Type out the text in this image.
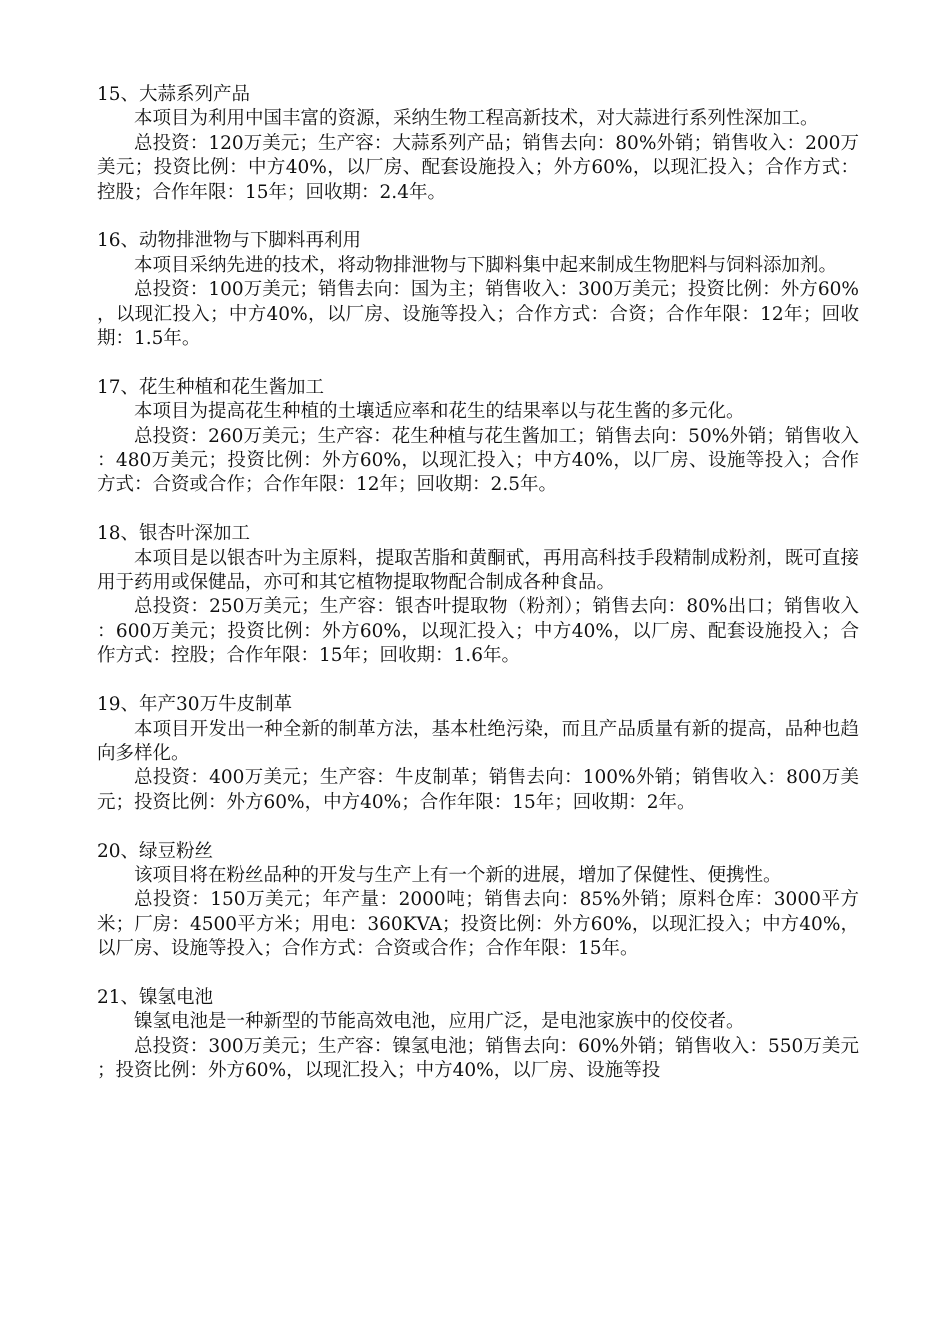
15、大蒜系列产品

本项目为利用中国丰富的资源，采纳生物工程高新技术，对大蒜进行系列性深加工。

总投资：120万美元；生产容：大蒜系列产品；销售去向：80%外销；销售收入：200万美元；投资比例：中方40%，以厂房、配套设施投入；外方60%，以现汇投入；合作方式：控股；合作年限：15年；回收期：2.4年。

16、动物排泄物与下脚料再利用

本项目采纳先进的技术，将动物排泄物与下脚料集中起来制成生物肥料与饲料添加剂。

总投资：100万美元；销售去向：国为主；销售收入：300万美元；投资比例：外方60%，以现汇投入；中方40%，以厂房、设施等投入；合作方式：合资；合作年限：12年；回收期：1.5年。

17、花生种植和花生酱加工

本项目为提高花生种植的土壤适应率和花生的结果率以与花生酱的多元化。

总投资：260万美元；生产容：花生种植与花生酱加工；销售去向：50%外销；销售收入：480万美元；投资比例：外方60%，以现汇投入；中方40%，以厂房、设施等投入；合作方式：合资或合作；合作年限：12年；回收期：2.5年。

18、银杏叶深加工

本项目是以银杏叶为主原料，提取苦脂和黄酮甙，再用高科技手段精制成粉剂，既可直接用于药用或保健品，亦可和其它植物提取物配合制成各种食品。

总投资：250万美元；生产容：银杏叶提取物（粉剂）；销售去向：80%出口；销售收入：600万美元；投资比例：外方60%，以现汇投入；中方40%，以厂房、配套设施投入；合作方式：控股；合作年限：15年；回收期：1.6年。

19、年产30万牛皮制革

本项目开发出一种全新的制革方法，基本杜绝污染，而且产品质量有新的提高，品种也趋向多样化。

总投资：400万美元；生产容：牛皮制革；销售去向：100%外销；销售收入：800万美元；投资比例：外方60%，中方40%；合作年限：15年；回收期：2年。

20、绿豆粉丝

该项目将在粉丝品种的开发与生产上有一个新的进展，增加了保健性、便携性。

总投资：150万美元；年产量：2000吨；销售去向：85%外销；原料仓库：3000平方米；厂房：4500平方米；用电：360KVA；投资比例：外方60%，以现汇投入；中方40%，以厂房、设施等投入；合作方式：合资或合作；合作年限：15年。

21、镍氢电池

镍氢电池是一种新型的节能高效电池，应用广泛，是电池家族中的佼佼者。

总投资：300万美元；生产容：镍氢电池；销售去向：60%外销；销售收入：550万美元；投资比例：外方60%，以现汇投入；中方40%，以厂房、设施等投
